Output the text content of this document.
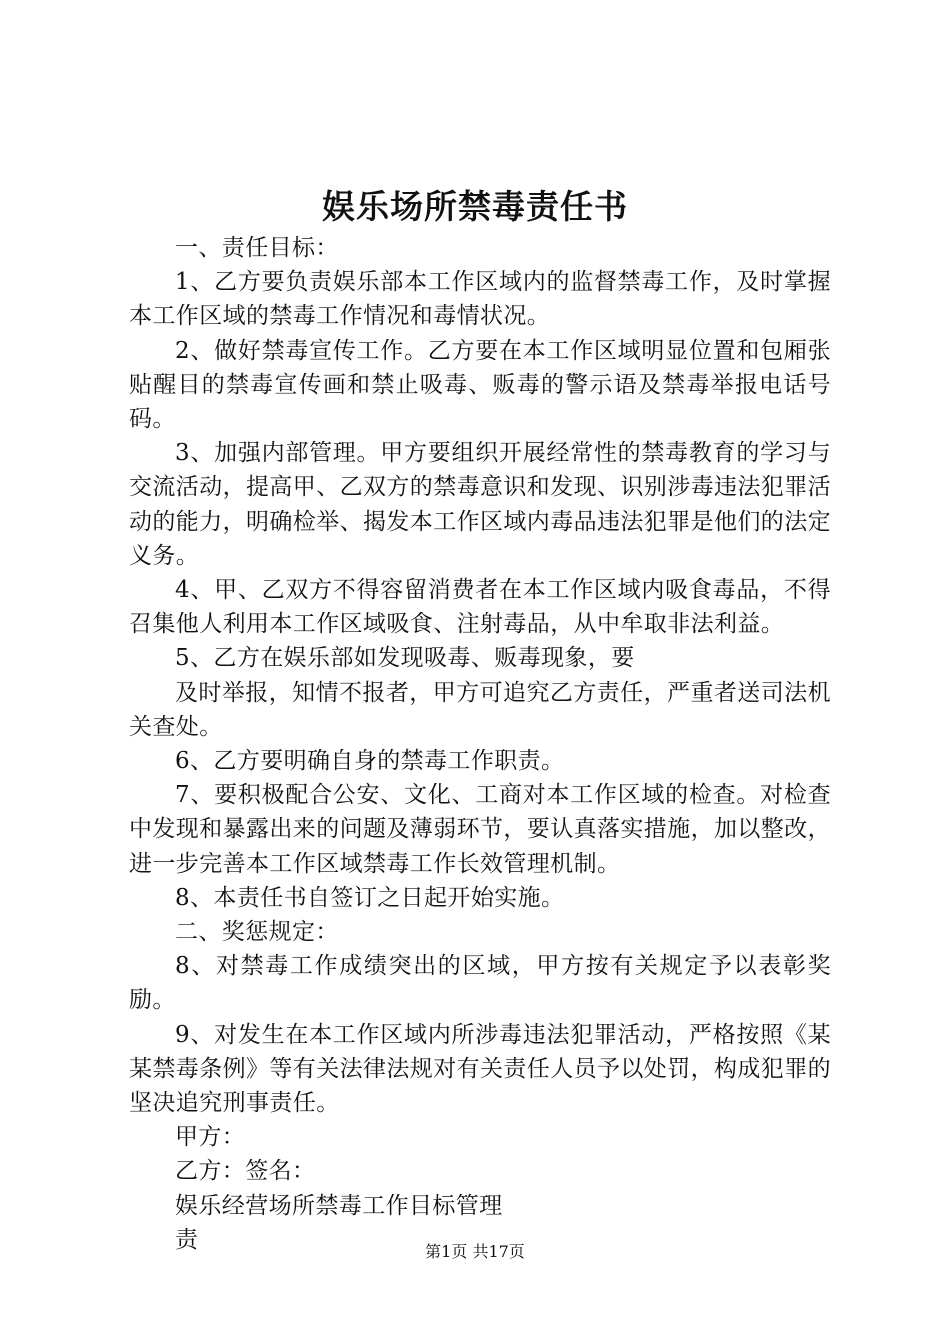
娱乐场所禁毒责任书

一、责任目标：

1、乙方要负责娱乐部本工作区域内的监督禁毒工作，及时掌握本工作区域的禁毒工作情况和毒情状况。

2、做好禁毒宣传工作。乙方要在本工作区域明显位置和包厢张贴醒目的禁毒宣传画和禁止吸毒、贩毒的警示语及禁毒举报电话号码。

3、加强内部管理。甲方要组织开展经常性的禁毒教育的学习与交流活动，提高甲、乙双方的禁毒意识和发现、识别涉毒违法犯罪活动的能力，明确检举、揭发本工作区域内毒品违法犯罪是他们的法定义务。

4、甲、乙双方不得容留消费者在本工作区域内吸食毒品，不得召集他人利用本工作区域吸食、注射毒品，从中牟取非法利益。

5、乙方在娱乐部如发现吸毒、贩毒现象，要

及时举报，知情不报者，甲方可追究乙方责任，严重者送司法机关查处。

6、乙方要明确自身的禁毒工作职责。

7、要积极配合公安、文化、工商对本工作区域的检查。对检查中发现和暴露出来的问题及薄弱环节，要认真落实措施，加以整改，进一步完善本工作区域禁毒工作长效管理机制。

8、本责任书自签订之日起开始实施。

二、奖惩规定：

8、对禁毒工作成绩突出的区域，甲方按有关规定予以表彰奖励。

9、对发生在本工作区域内所涉毒违法犯罪活动，严格按照《某某禁毒条例》等有关法律法规对有关责任人员予以处罚，构成犯罪的坚决追究刑事责任。

甲方：

乙方：签名：

娱乐经营场所禁毒工作目标管理

责	第1页 共17页
